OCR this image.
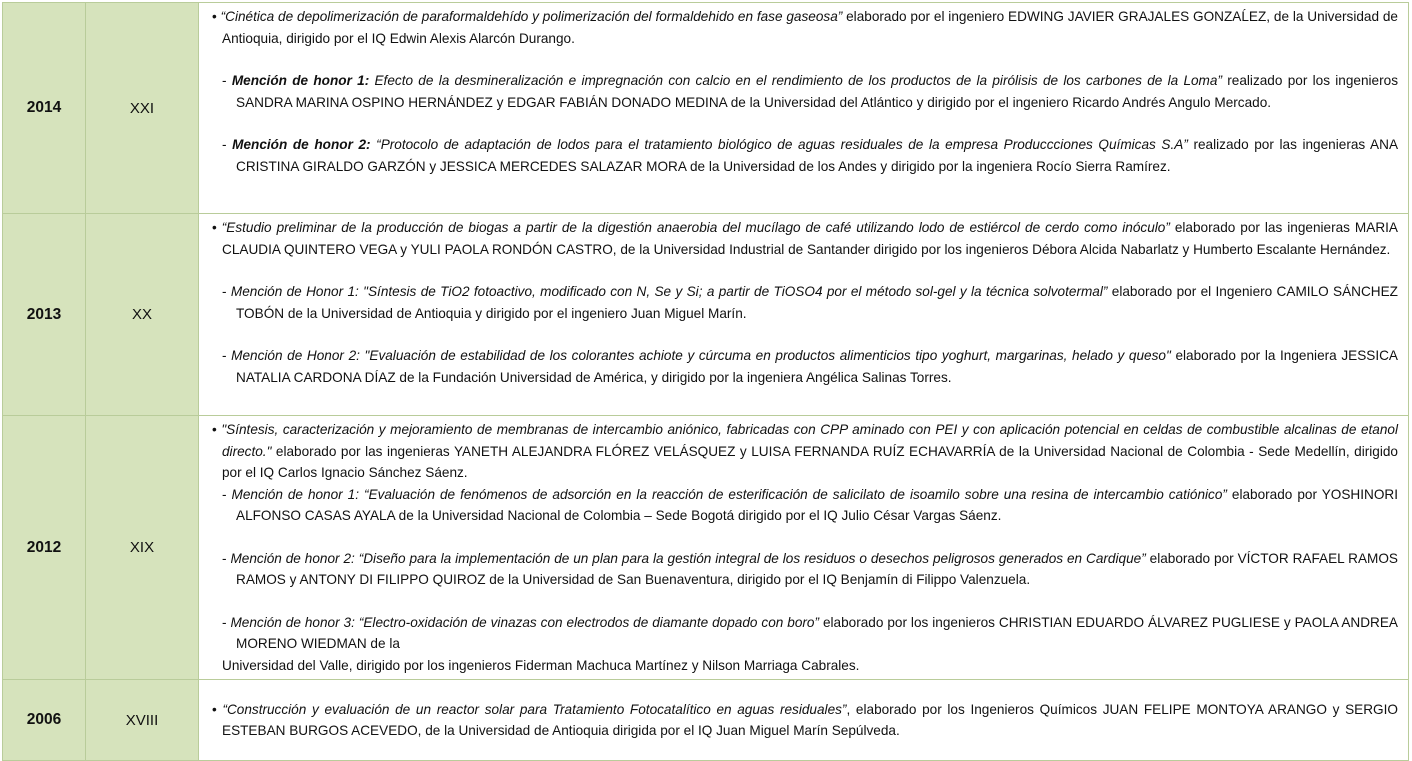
2014	XXI	• “Cinética de depolimerización de paraformaldehído y polimerización del formaldehido en fase gaseosa” elaborado por el ingeniero EDWING JAVIER GRAJALES GONZAĹEZ, de la Universidad de Antioquia, dirigido por el IQ Edwin Alexis Alarcón Durango.

- Mención de honor 1: Efecto de la desmineralización e impregnación con calcio en el rendimiento de los productos de la pirólisis de los carbones de la Loma” realizado por los ingenieros SANDRA MARINA OSPINO HERNÁNDEZ y EDGAR FABIÁN DONADO MEDINA de la Universidad del Atlántico y dirigido por el ingeniero Ricardo Andrés Angulo Mercado.

- Mención de honor 2: “Protocolo de adaptación de lodos para el tratamiento biológico de aguas residuales de la empresa Produccciones Químicas S.A” realizado por las ingenieras ANA CRISTINA GIRALDO GARZÓN y JESSICA MERCEDES SALAZAR MORA de la Universidad de los Andes y dirigido por la ingeniera Rocío Sierra Ramírez.

2013	XX	• “Estudio preliminar de la producción de biogas a partir de la digestión anaerobia del mucílago de café utilizando lodo de estiércol de cerdo como inóculo” elaborado por las ingenieras MARIA CLAUDIA QUINTERO VEGA y YULI PAOLA RONDÓN CASTRO, de la Universidad Industrial de Santander dirigido por los ingenieros Débora Alcida Nabarlatz y Humberto Escalante Hernández.

- Mención de Honor 1: "Síntesis de TiO2 fotoactivo, modificado con N, Se y Si; a partir de TiOSO4 por el método sol-gel y la técnica solvotermal” elaborado por el Ingeniero CAMILO SÁNCHEZ TOBÓN de la Universidad de Antioquia y dirigido por el ingeniero Juan Miguel Marín.

- Mención de Honor 2: "Evaluación de estabilidad de los colorantes achiote y cúrcuma en productos alimenticios tipo yoghurt, margarinas, helado y queso" elaborado por la Ingeniera JESSICA NATALIA CARDONA DÍAZ de la Fundación Universidad de América, y dirigido por la ingeniera Angélica Salinas Torres.

2012	XIX	• "Síntesis, caracterización y mejoramiento de membranas de intercambio aniónico, fabricadas con CPP aminado con PEI y con aplicación potencial en celdas de combustible alcalinas de etanol directo." elaborado por las ingenieras YANETH ALEJANDRA FLÓREZ VELÁSQUEZ y LUISA FERNANDA RUÍZ ECHAVARRÍA de la Universidad Nacional de Colombia - Sede Medellín, dirigido por el IQ Carlos Ignacio Sánchez Sáenz.

- Mención de honor 1: “Evaluación de fenómenos de adsorción en la reacción de esterificación de salicilato de isoamilo sobre una resina de intercambio catiónico” elaborado por YOSHINORI ALFONSO CASAS AYALA de la Universidad Nacional de Colombia – Sede Bogotá dirigido por el IQ Julio César Vargas Sáenz.

- Mención de honor 2: “Diseño para la implementación de un plan para la gestión integral de los residuos o desechos peligrosos generados en Cardique” elaborado por VÍCTOR RAFAEL RAMOS RAMOS y ANTONY DI FILIPPO QUIROZ de la Universidad de San Buenaventura, dirigido por el IQ Benjamín di Filippo Valenzuela.

- Mención de honor 3: “Electro-oxidación de vinazas con electrodos de diamante dopado con boro” elaborado por los ingenieros CHRISTIAN EDUARDO ÁLVAREZ PUGLIESE y PAOLA ANDREA MORENO WIEDMAN de la

Universidad del Valle, dirigido por los ingenieros Fiderman Machuca Martínez y Nilson Marriaga Cabrales.

2006	XVIII	• “Construcción y evaluación de un reactor solar para Tratamiento Fotocatalítico en aguas residuales”, elaborado por los Ingenieros Químicos JUAN FELIPE MONTOYA ARANGO y SERGIO ESTEBAN BURGOS ACEVEDO, de la Universidad de Antioquia dirigida por el IQ Juan Miguel Marín Sepúlveda.
